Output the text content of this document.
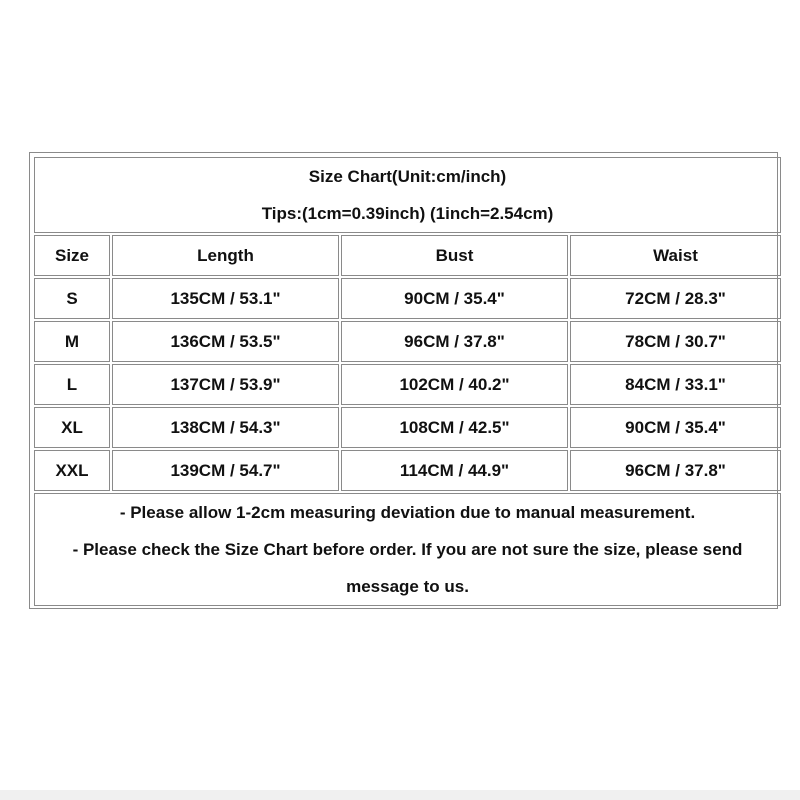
Size Chart(Unit:cm/inch)
Tips:(1cm=0.39inch) (1inch=2.54cm)			

Size	Length	Bust	Waist
S	135CM / 53.1"	90CM / 35.4"	72CM / 28.3"
M	136CM / 53.5"	96CM / 37.8"	78CM / 30.7"
L	137CM / 53.9"	102CM / 40.2"	84CM / 33.1"
XL	138CM / 54.3"	108CM / 42.5"	90CM / 35.4"
XXL	139CM / 54.7"	114CM / 44.9"	96CM / 37.8"

- Please allow 1-2cm measuring deviation due to manual measurement.
- Please check the Size Chart before order. If you are not sure the size, please send
message to us.			
